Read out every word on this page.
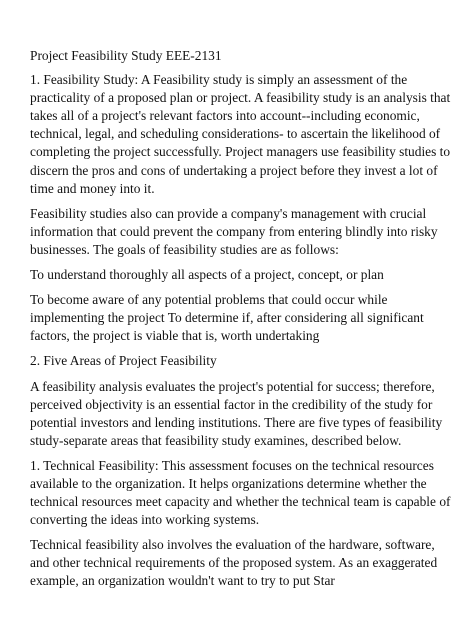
Project Feasibility Study EEE-2131

1. Feasibility Study: A Feasibility study is simply an assessment of the practicality of a proposed plan or project. A feasibility study is an analysis that takes all of a project's relevant factors into account--including economic, technical, legal, and scheduling considerations- to ascertain the likelihood of completing the project successfully. Project managers use feasibility studies to discern the pros and cons of undertaking a project before they invest a lot of time and money into it.

Feasibility studies also can provide a company's management with crucial information that could prevent the company from entering blindly into risky businesses. The goals of feasibility studies are as follows:

To understand thoroughly all aspects of a project, concept, or plan

To become aware of any potential problems that could occur while implementing the project To determine if, after considering all significant factors, the project is viable that is, worth undertaking

2. Five Areas of Project Feasibility

A feasibility analysis evaluates the project's potential for success; therefore, perceived objectivity is an essential factor in the credibility of the study for potential investors and lending institutions. There are five types of feasibility study-separate areas that feasibility study examines, described below.

1. Technical Feasibility: This assessment focuses on the technical resources available to the organization. It helps organizations determine whether the technical resources meet capacity and whether the technical team is capable of converting the ideas into working systems.

Technical feasibility also involves the evaluation of the hardware, software, and other technical requirements of the proposed system. As an exaggerated example, an organization wouldn't want to try to put Star
